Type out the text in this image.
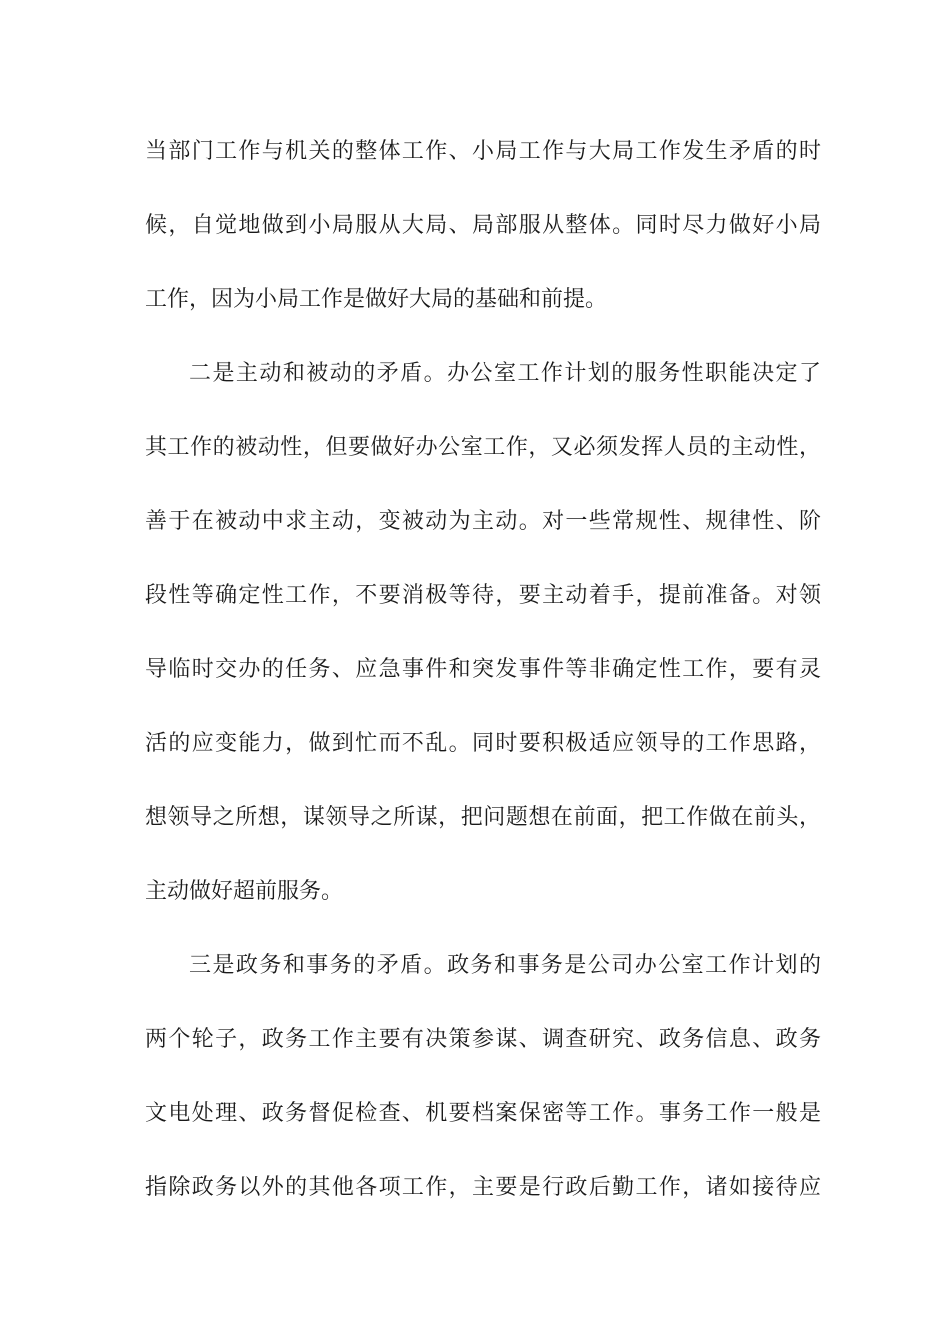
当部门工作与机关的整体工作、小局工作与大局工作发生矛盾的时
候，自觉地做到小局服从大局、局部服从整体。同时尽力做好小局
工作，因为小局工作是做好大局的基础和前提。
二是主动和被动的矛盾。办公室工作计划的服务性职能决定了
其工作的被动性，但要做好办公室工作，又必须发挥人员的主动性，
善于在被动中求主动，变被动为主动。对一些常规性、规律性、阶
段性等确定性工作，不要消极等待，要主动着手，提前准备。对领
导临时交办的任务、应急事件和突发事件等非确定性工作，要有灵
活的应变能力，做到忙而不乱。同时要积极适应领导的工作思路，
想领导之所想，谋领导之所谋，把问题想在前面，把工作做在前头，
主动做好超前服务。
三是政务和事务的矛盾。政务和事务是公司办公室工作计划的
两个轮子，政务工作主要有决策参谋、调查研究、政务信息、政务
文电处理、政务督促检查、机要档案保密等工作。事务工作一般是
指除政务以外的其他各项工作，主要是行政后勤工作，诸如接待应
